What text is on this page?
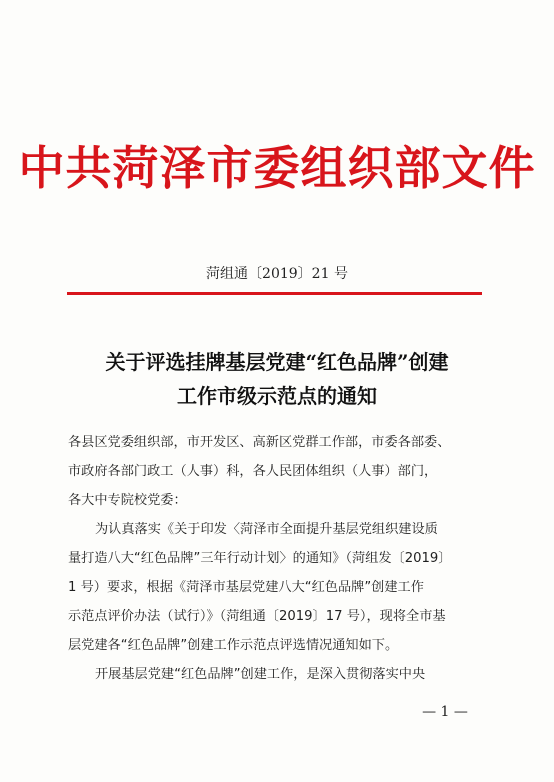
中共菏泽市委组织部文件
菏组通〔2019〕21 号
关于评选挂牌基层党建“红色品牌”创建
工作市级示范点的通知
各县区党委组织部，市开发区、高新区党群工作部，市委各部委、
市政府各部门政工（人事）科，各人民团体组织（人事）部门，
各大中专院校党委：
为认真落实《关于印发〈菏泽市全面提升基层党组织建设质
量打造八大“红色品牌”三年行动计划〉的通知》（菏组发〔2019〕
1 号）要求，根据《菏泽市基层党建八大“红色品牌”创建工作
示范点评价办法（试行）》（菏组通〔2019〕17 号），现将全市基
层党建各“红色品牌”创建工作示范点评选情况通知如下。
开展基层党建“红色品牌”创建工作，是深入贯彻落实中央
— 1 —
